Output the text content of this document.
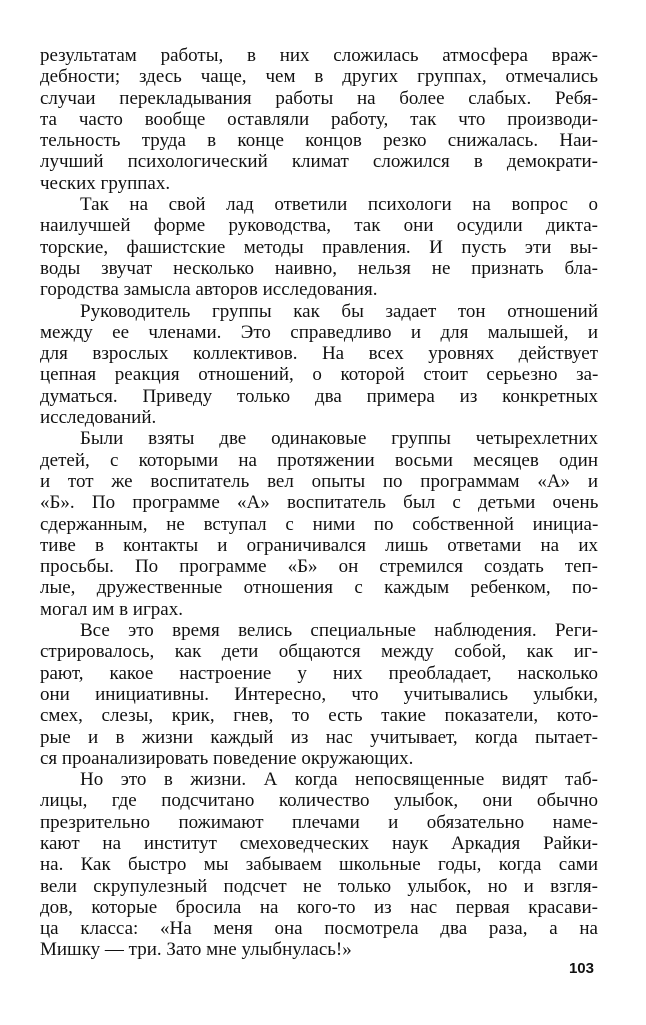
результатам работы, в них сложилась атмосфера враж-
дебности; здесь чаще, чем в других группах, отмечались
случаи перекладывания работы на более слабых. Ребя-
та часто вообще оставляли работу, так что производи-
тельность труда в конце концов резко снижалась. Наи-
лучший психологический климат сложился в демократи-
ческих группах.

Так на свой лад ответили психологи на вопрос о
наилучшей форме руководства, так они осудили дикта-
торские, фашистские методы правления. И пусть эти вы-
воды звучат несколько наивно, нельзя не признать бла-
городства замысла авторов исследования.

Руководитель группы как бы задает тон отношений
между ее членами. Это справедливо и для малышей, и
для взрослых коллективов. На всех уровнях действует
цепная реакция отношений, о которой стоит серьезно за-
думаться. Приведу только два примера из конкретных
исследований.

Были взяты две одинаковые группы четырехлетних
детей, с которыми на протяжении восьми месяцев один
и тот же воспитатель вел опыты по программам «А» и
«Б». По программе «А» воспитатель был с детьми очень
сдержанным, не вступал с ними по собственной инициа-
тиве в контакты и ограничивался лишь ответами на их
просьбы. По программе «Б» он стремился создать теп-
лые, дружественные отношения с каждым ребенком, по-
могал им в играх.

Все это время велись специальные наблюдения. Реги-
стрировалось, как дети общаются между собой, как иг-
рают, какое настроение у них преобладает, насколько
они инициативны. Интересно, что учитывались улыбки,
смех, слезы, крик, гнев, то есть такие показатели, кото-
рые и в жизни каждый из нас учитывает, когда пытает-
ся проанализировать поведение окружающих.

Но это в жизни. А когда непосвященные видят таб-
лицы, где подсчитано количество улыбок, они обычно
презрительно пожимают плечами и обязательно наме-
кают на институт смеховедческих наук Аркадия Райки-
на. Как быстро мы забываем школьные годы, когда сами
вели скрупулезный подсчет не только улыбок, но и взгля-
дов, которые бросила на кого-то из нас первая красави-
ца класса: «На меня она посмотрела два раза, а на
Мишку — три. Зато мне улыбнулась!»

103
